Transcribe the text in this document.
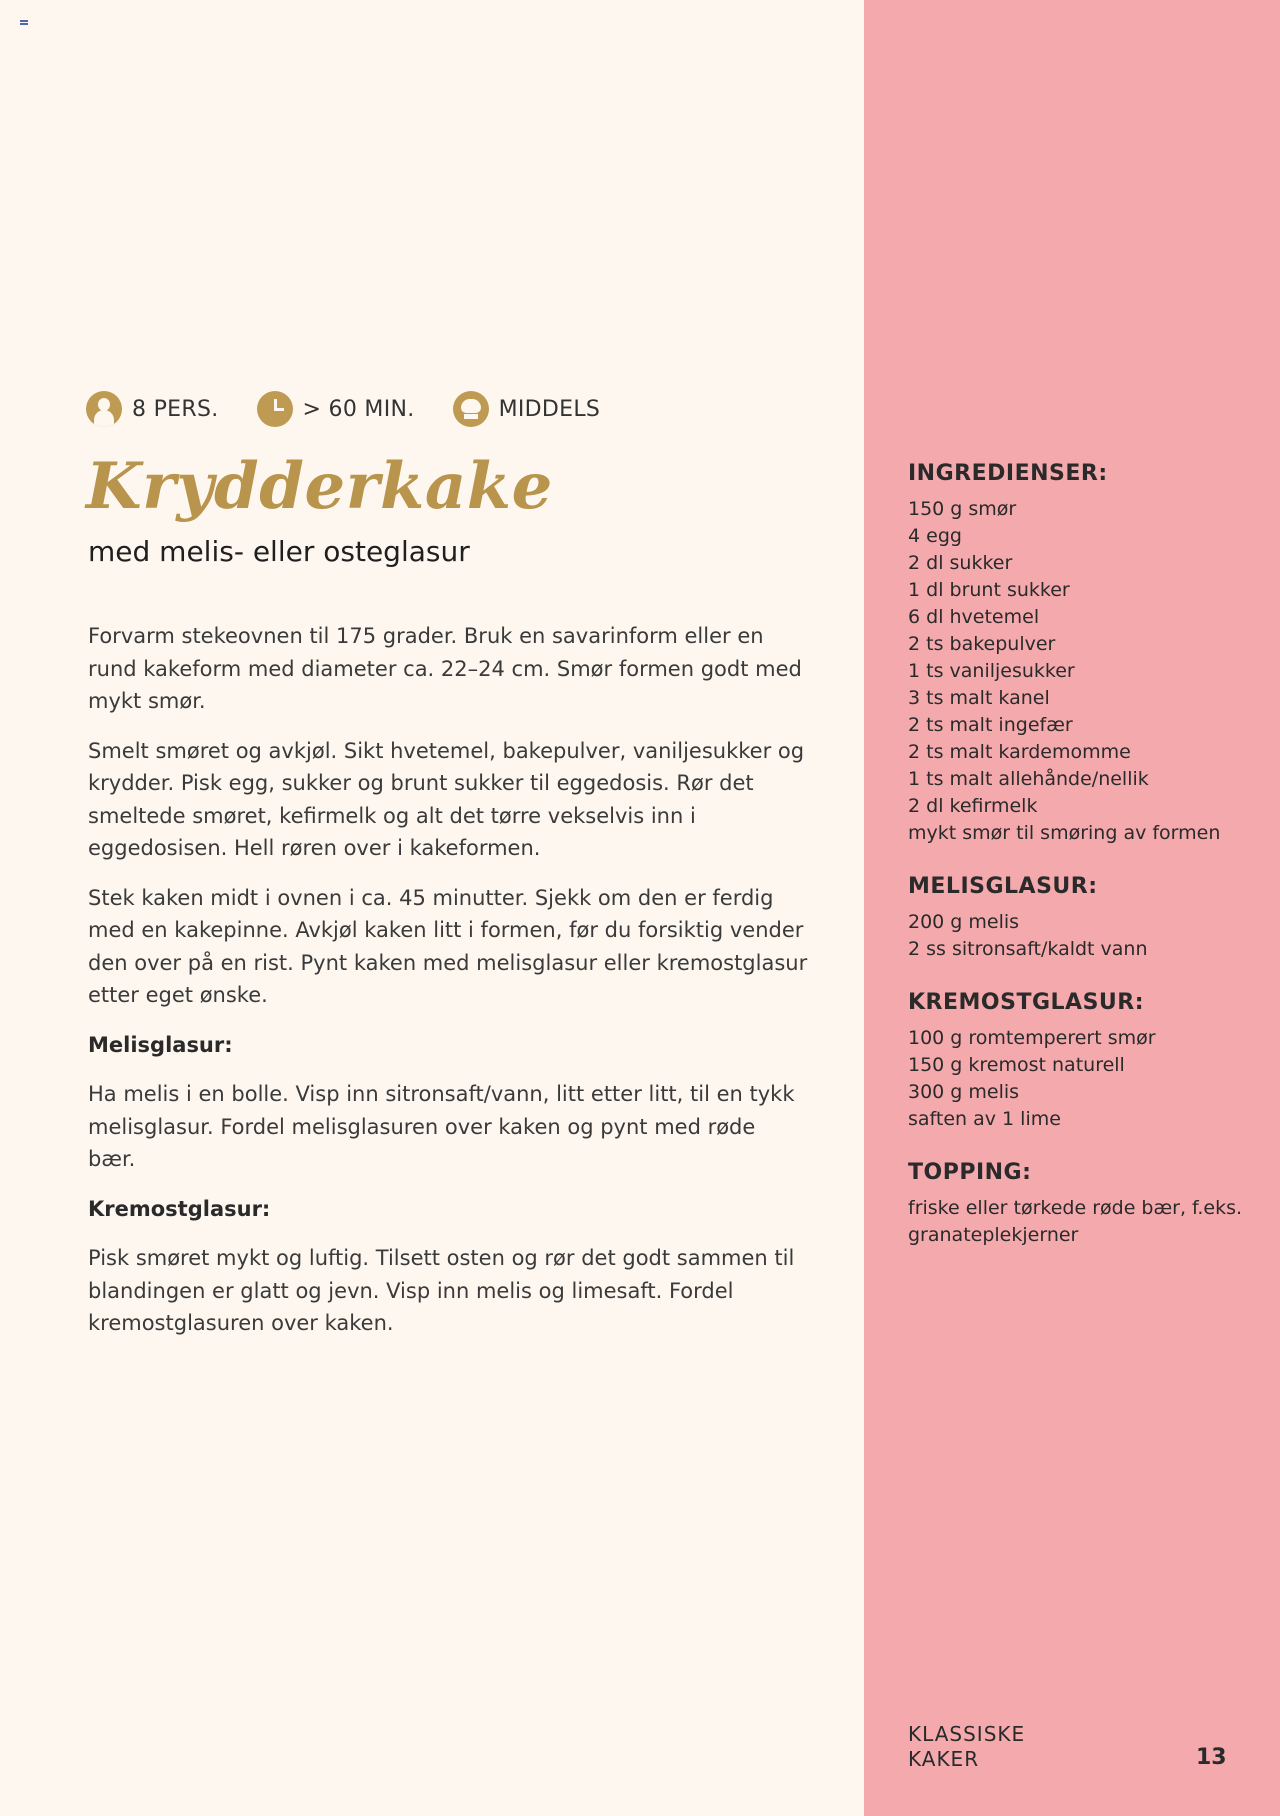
8 PERS.	> 60 MIN.	MIDDELS
Krydderkake
med melis- eller osteglasur

Forvarm stekeovnen til 175 grader. Bruk en savarinform eller en rund kakeform med diameter ca. 22–24 cm. Smør formen godt med mykt smør.

Smelt smøret og avkjøl. Sikt hvetemel, bakepulver, vaniljesukker og krydder. Pisk egg, sukker og brunt sukker til eggedosis. Rør det smeltede smøret, kefirmelk og alt det tørre vekselvis inn i eggedosisen. Hell røren over i kakeformen.

Stek kaken midt i ovnen i ca. 45 minutter. Sjekk om den er ferdig med en kakepinne. Avkjøl kaken litt i formen, før du forsiktig vender den over på en rist. Pynt kaken med melisglasur eller kremostglasur etter eget ønske.

Melisglasur:

Ha melis i en bolle. Visp inn sitronsaft/vann, litt etter litt, til en tykk melisglasur. Fordel melisglasuren over kaken og pynt med røde bær.

Kremostglasur:

Pisk smøret mykt og luftig. Tilsett osten og rør det godt sammen til blandingen er glatt og jevn. Visp inn melis og limesaft. Fordel kremostglasuren over kaken.

INGREDIENSER:
150 g smør
4 egg
2 dl sukker
1 dl brunt sukker
6 dl hvetemel
2 ts bakepulver
1 ts vaniljesukker
3 ts malt kanel
2 ts malt ingefær
2 ts malt kardemomme
1 ts malt allehånde/nellik
2 dl kefirmelk
mykt smør til smøring av formen
MELISGLASUR:
200 g melis
2 ss sitronsaft/kaldt vann
KREMOSTGLASUR:
100 g romtemperert smør
150 g kremost naturell
300 g melis
saften av 1 lime
TOPPING:
friske eller tørkede røde bær, f.eks. granateplekjerner
KLASSISKE
KAKER	13
